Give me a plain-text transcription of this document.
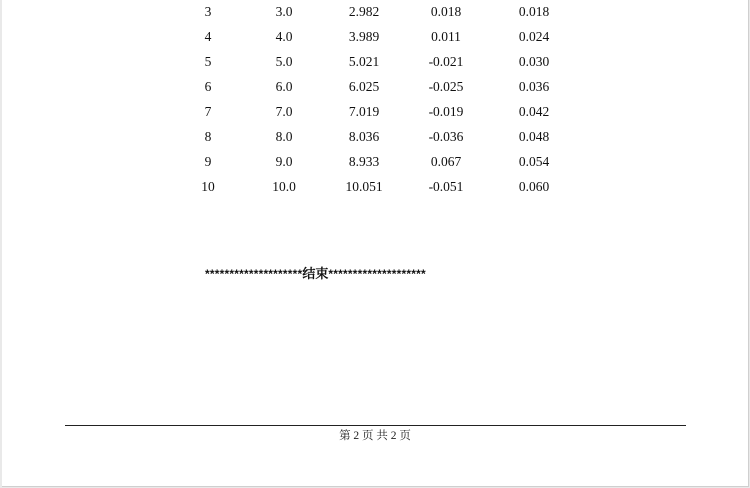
3	3.0	2.982	0.018	0.018
4	4.0	3.989	0.011	0.024
5	5.0	5.021	-0.021	0.030
6	6.0	6.025	-0.025	0.036
7	7.0	7.019	-0.019	0.042
8	8.0	8.036	-0.036	0.048
9	9.0	8.933	0.067	0.054
10	10.0	10.051	-0.051	0.060
********************结束********************
第 2 页 共 2 页
